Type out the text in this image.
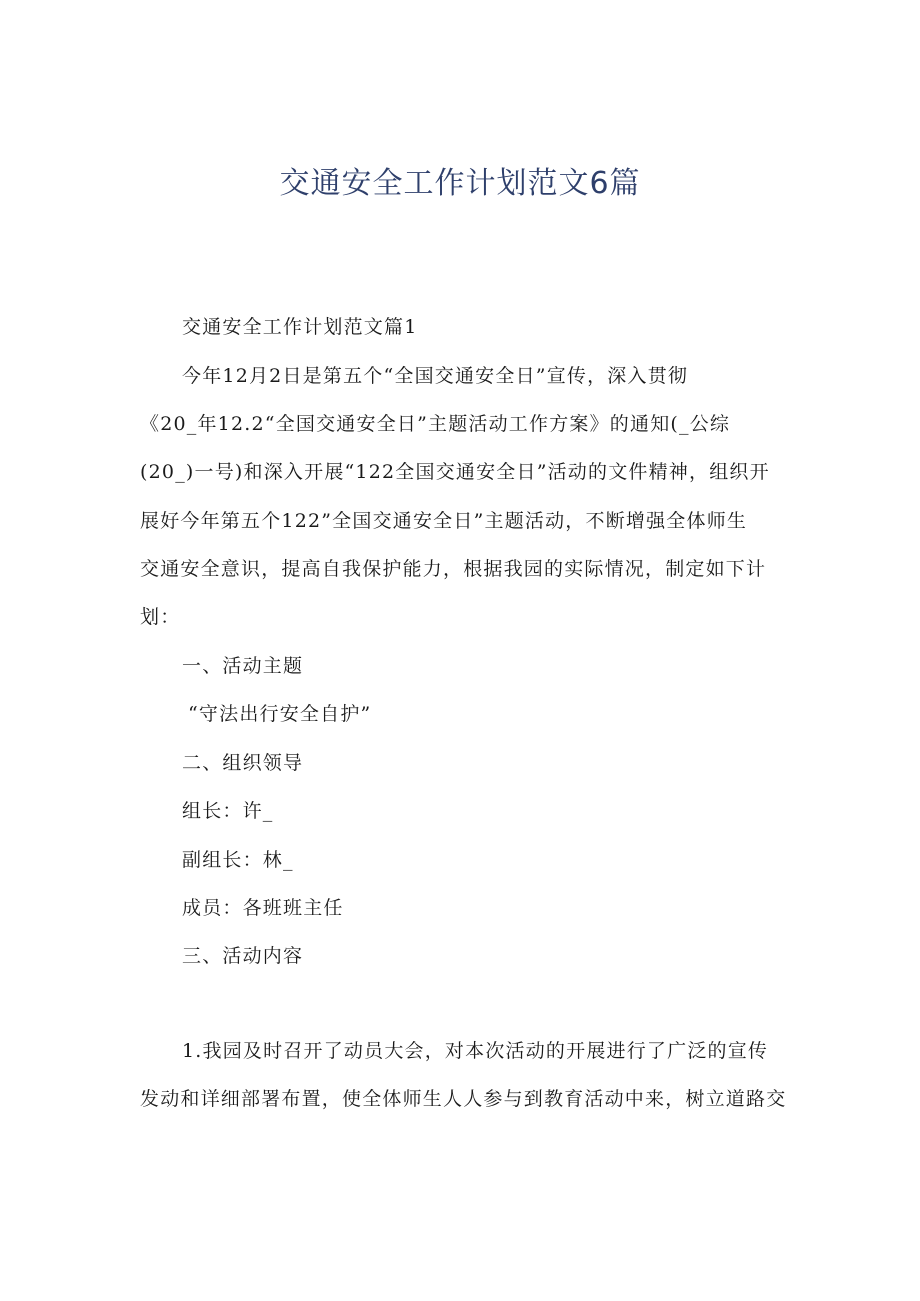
交通安全工作计划范文6篇
交通安全工作计划范文篇1
今年12月2日是第五个“全国交通安全日”宣传，深入贯彻
《20_年12.2“全国交通安全日”主题活动工作方案》的通知(_公综
(20_)一号)和深入开展“122全国交通安全日”活动的文件精神，组织开
展好今年第五个122”全国交通安全日”主题活动，不断增强全体师生
交通安全意识，提高自我保护能力，根据我园的实际情况，制定如下计
划：
一、活动主题
“守法出行安全自护”
二、组织领导
组长：许_
副组长：林_
成员：各班班主任
三、活动内容
1.我园及时召开了动员大会，对本次活动的开展进行了广泛的宣传
发动和详细部署布置，使全体师生人人参与到教育活动中来，树立道路交
